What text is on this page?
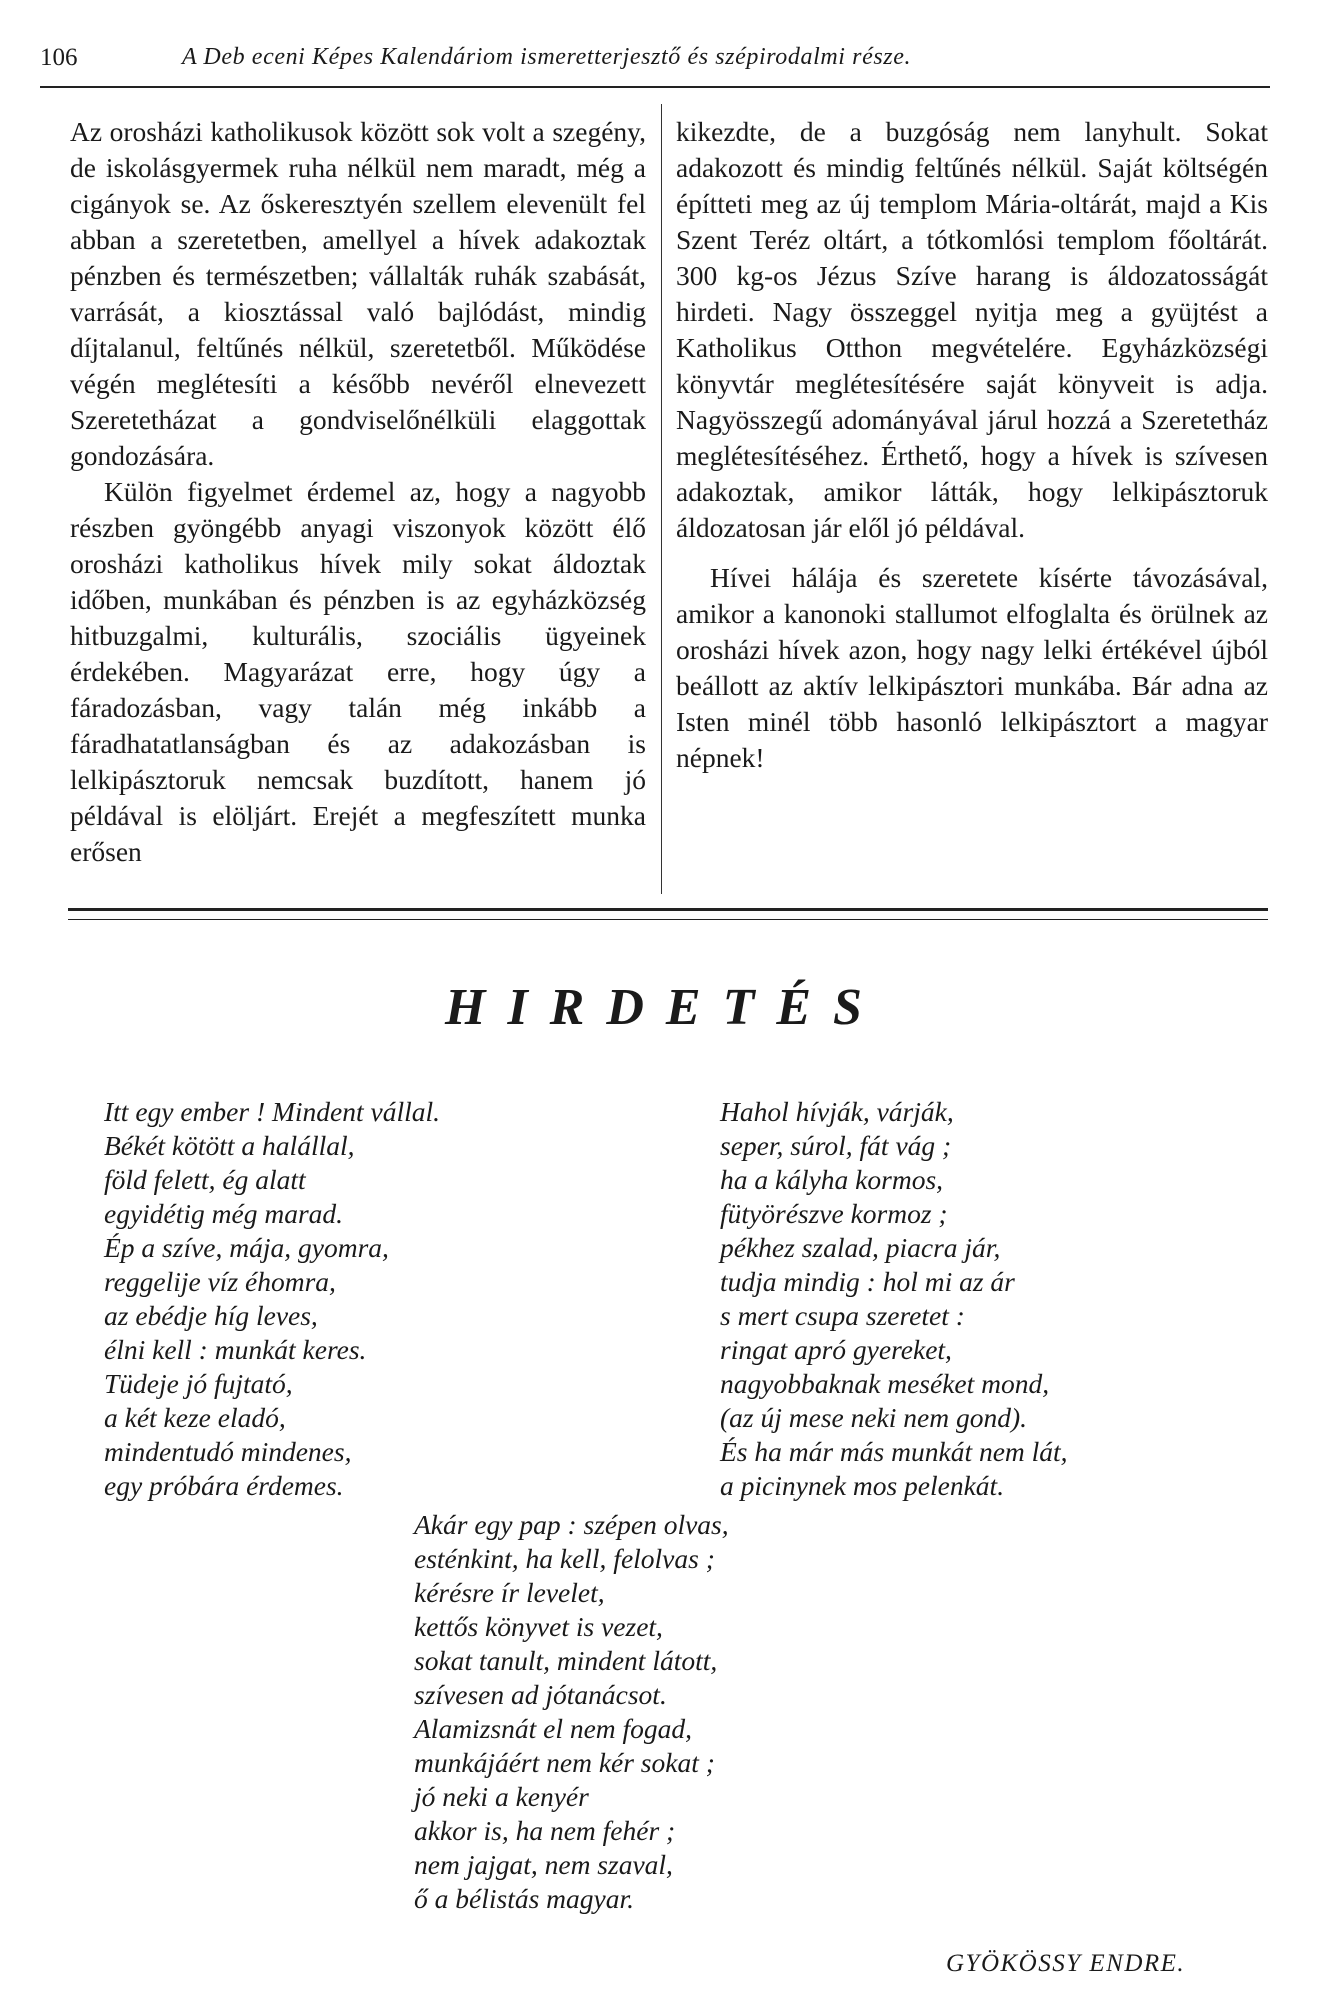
106	A Deb eceni Képes Kalendáriom ismeretterjesztő és szépirodalmi része.

Az orosházi katholikusok között sok volt a szegény, de iskolásgyermek ruha nélkül nem maradt, még a cigányok se. Az őskeresztyén szellem elevenült fel abban a szeretetben, amellyel a hívek adakoztak pénzben és természetben; vállalták ruhák szabását, varrását, a kiosztással való bajlódást, mindig díjtalanul, feltűnés nélkül, szeretetből. Működése végén meglétesíti a később nevéről elnevezett Szeretetházat a gondviselőnélküli elaggottak gondozására.

Külön figyelmet érdemel az, hogy a nagyobb részben gyöngébb anyagi viszonyok között élő orosházi katholikus hívek mily sokat áldoztak időben, munkában és pénzben is az egyházközség hitbuzgalmi, kulturális, szociális ügyeinek érdekében. Magyarázat erre, hogy úgy a fáradozásban, vagy talán még inkább a fáradhatatlanságban és az adakozásban is lelkipásztoruk nemcsak buzdított, hanem jó példával is elöljárt. Erejét a megfeszített munka erősen

kikezdte, de a buzgóság nem lanyhult. Sokat adakozott és mindig feltűnés nélkül. Saját költségén építteti meg az új templom Mária-oltárát, majd a Kis Szent Teréz oltárt, a tótkomlósi templom főoltárát. 300 kg-os Jézus Szíve harang is áldozatosságát hirdeti. Nagy összeggel nyitja meg a gyüjtést a Katholikus Otthon megvételére. Egyházközségi könyvtár meglétesítésére saját könyveit is adja. Nagyösszegű adományával járul hozzá a Szeretetház meglétesítéséhez. Érthető, hogy a hívek is szívesen adakoztak, amikor látták, hogy lelkipásztoruk áldozatosan jár elől jó példával.

Hívei hálája és szeretete kísérte távozásával, amikor a kanonoki stallumot elfoglalta és örülnek az orosházi hívek azon, hogy nagy lelki értékével újból beállott az aktív lelkipásztori munkába. Bár adna az Isten minél több hasonló lelkipásztort a magyar népnek!

HIRDETÉS
Itt egy ember ! Mindent vállal.
Békét kötött a halállal,
föld felett, ég alatt
egyidétig még marad.
Ép a szíve, mája, gyomra,
reggelije víz éhomra,
az ebédje híg leves,
élni kell : munkát keres.
Tüdeje jó fujtató,
a két keze eladó,
mindentudó mindenes,
egy próbára érdemes.
Hahol hívják, várják,
seper, súrol, fát vág ;
ha a kályha kormos,
fütyörészve kormoz ;
pékhez szalad, piacra jár,
tudja mindig : hol mi az ár
s mert csupa szeretet :
ringat apró gyereket,
nagyobbaknak meséket mond,
(az új mese neki nem gond).
És ha már más munkát nem lát,
a picinynek mos pelenkát.
Akár egy pap : szépen olvas,
esténkint, ha kell, felolvas ;
kérésre ír levelet,
kettős könyvet is vezet,
sokat tanult, mindent látott,
szívesen ad jótanácsot.
Alamizsnát el nem fogad,
munkájáért nem kér sokat ;
jó neki a kenyér
akkor is, ha nem fehér ;
nem jajgat, nem szaval,
ő a bélistás magyar.
GYÖKÖSSY ENDRE.
